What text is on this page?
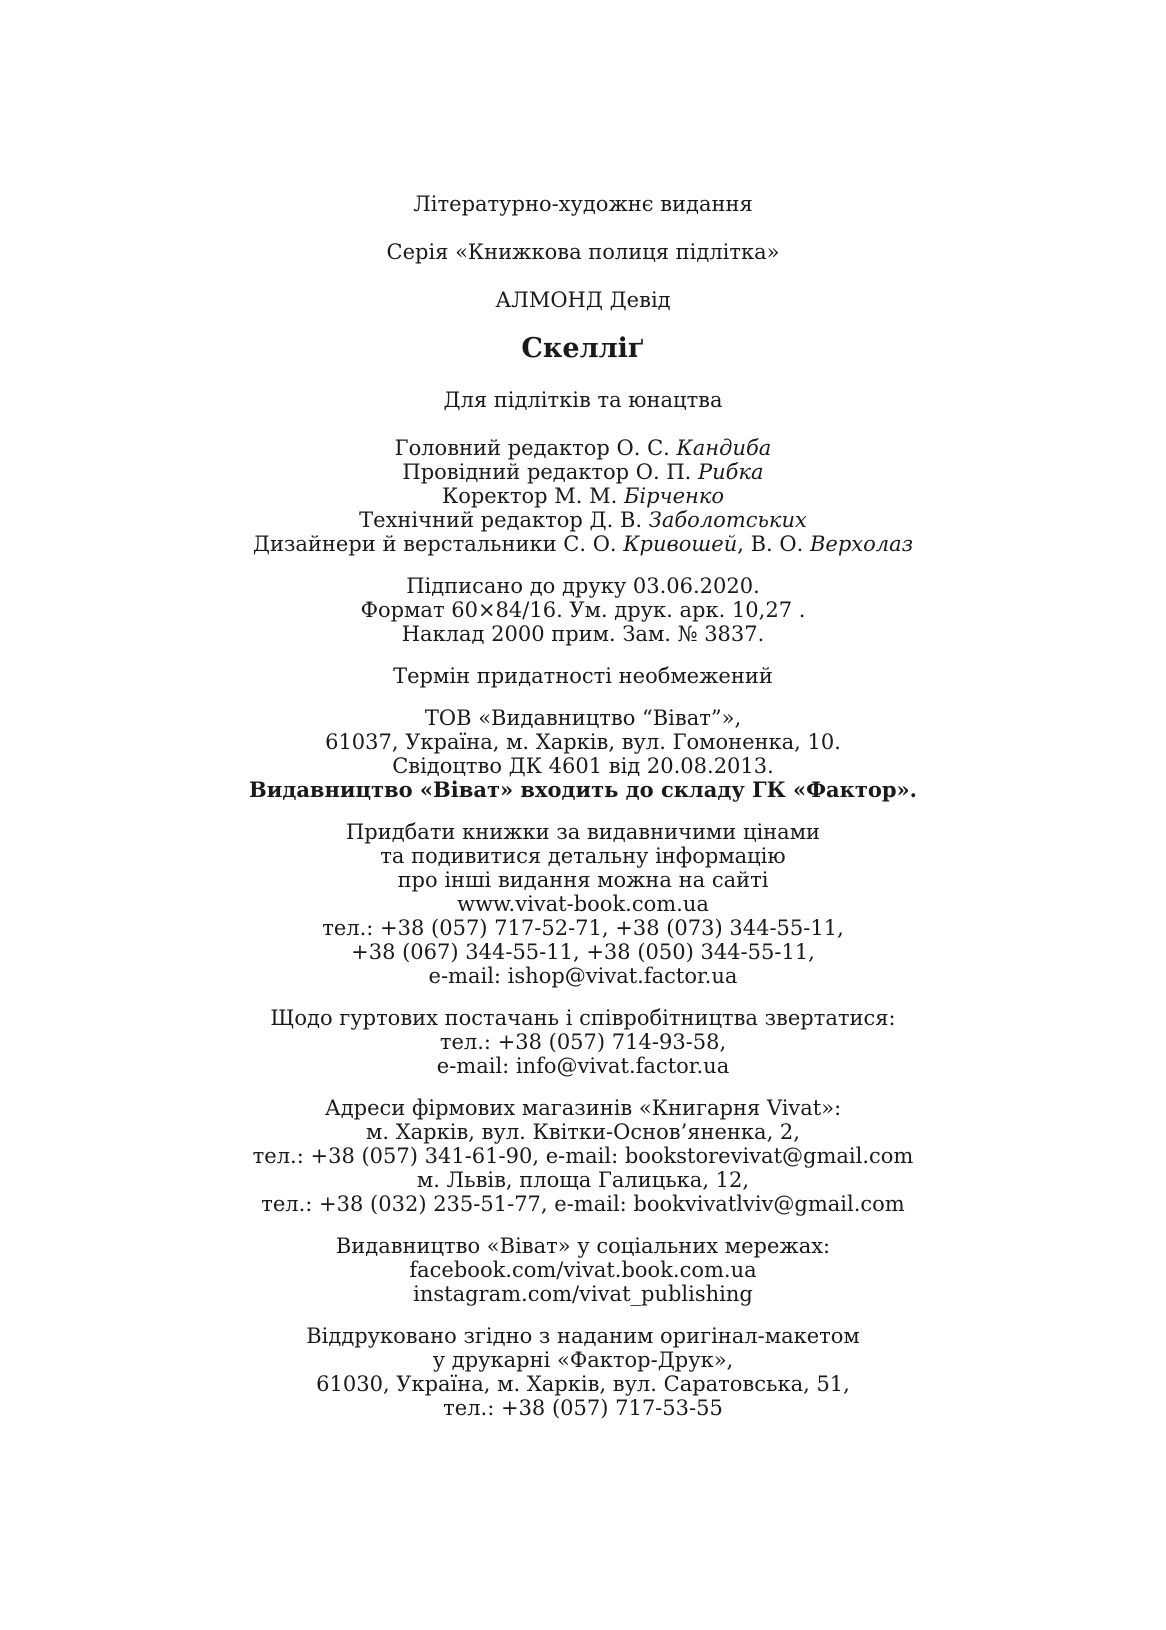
Літературно-художнє видання
Серія «Книжкова полиця підлітка»
АЛМОНД Девід
Скелліґ
Для підлітків та юнацтва
Головний редактор О. С. Кандиба
Провідний редактор О. П. Рибка
Коректор М. М. Бірченко
Технічний редактор Д. В. Заболотських
Дизайнери й верстальники С. О. Кривошей, В. О. Верхолаз
Підписано до друку 03.06.2020.
Формат 60×84/16. Ум. друк. арк. 10,27 .
Наклад 2000 прим. Зам. № 3837.
Термін придатності необмежений
ТОВ «Видавництво “Віват”»,
61037, Україна, м. Харків, вул. Гомоненка, 10.
Свідоцтво ДК 4601 від 20.08.2013.
Видавництво «Віват» входить до складу ГК «Фактор».
Придбати книжки за видавничими цінами
та подивитися детальну інформацію
про інші видання можна на сайті
www.vivat-book.com.ua
тел.: +38 (057) 717-52-71, +38 (073) 344-55-11,
+38 (067) 344-55-11, +38 (050) 344-55-11,
e-mail: ishop@vivat.factor.ua
Щодо гуртових постачань і співробітництва звертатися:
тел.: +38 (057) 714-93-58,
e-mail: info@vivat.factor.ua
Адреси фірмових магазинів «Книгарня Vivat»:
м. Харків, вул. Квітки-Основ’яненка, 2,
тел.: +38 (057) 341-61-90, e-mail: bookstorevivat@gmail.com
м. Львів, площа Галицька, 12,
тел.: +38 (032) 235-51-77, e-mail: bookvivatlviv@gmail.com
Видавництво «Віват» у соціальних мережах:
facebook.com/vivat.book.com.ua
instagram.com/vivat_publishing
Віддруковано згідно з наданим оригінал-макетом
у друкарні «Фактор-Друк»,
61030, Україна, м. Харків, вул. Саратовська, 51,
тел.: +38 (057) 717-53-55
